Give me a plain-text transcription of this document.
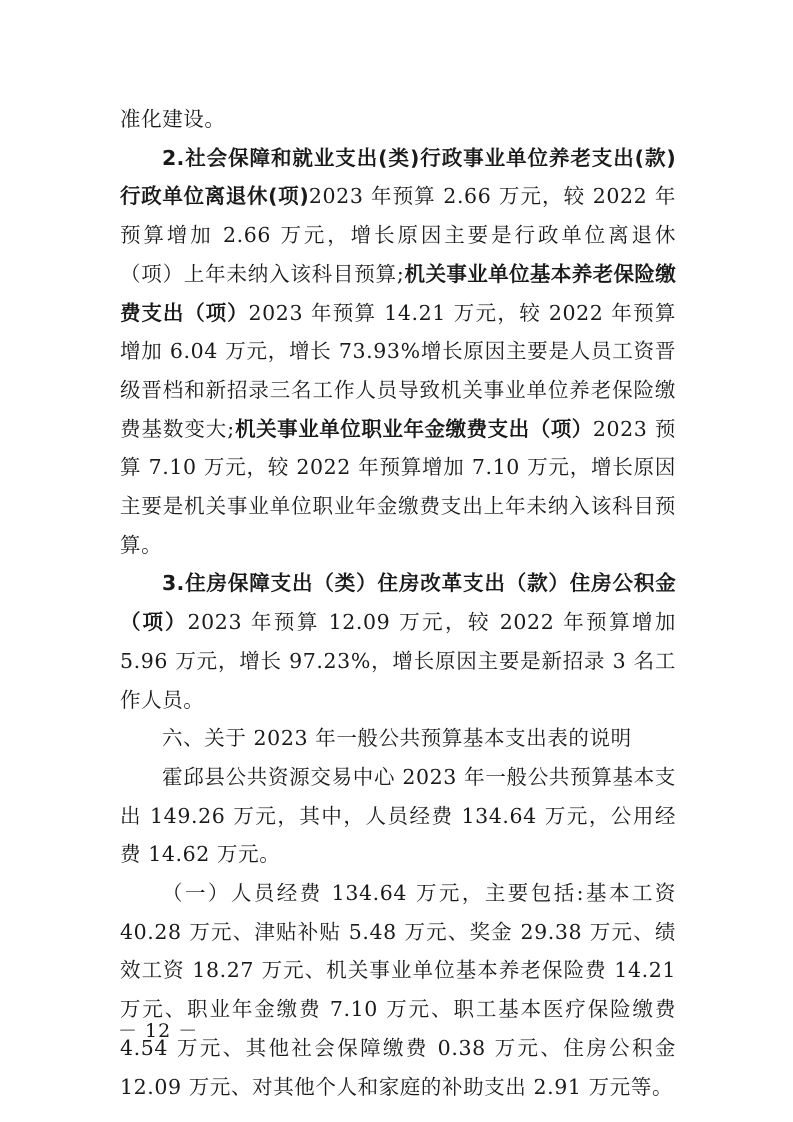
准化建设。

2.社会保障和就业支出(类)行政事业单位养老支出(款)行政单位离退休(项)2023 年预算 2.66 万元，较 2022 年预算增加 2.66 万元，增长原因主要是行政单位离退休（项）上年未纳入该科目预算;机关事业单位基本养老保险缴费支出（项）2023 年预算 14.21 万元，较 2022 年预算增加 6.04 万元，增长 73.93%增长原因主要是人员工资晋级晋档和新招录三名工作人员导致机关事业单位养老保险缴费基数变大;机关事业单位职业年金缴费支出（项）2023 预算 7.10 万元，较 2022 年预算增加 7.10 万元，增长原因主要是机关事业单位职业年金缴费支出上年未纳入该科目预算。

3.住房保障支出（类）住房改革支出（款）住房公积金（项）2023 年预算 12.09 万元，较 2022 年预算增加 5.96 万元，增长 97.23%，增长原因主要是新招录 3 名工作人员。

六、关于 2023 年一般公共预算基本支出表的说明

霍邱县公共资源交易中心 2023 年一般公共预算基本支出 149.26 万元，其中，人员经费 134.64 万元，公用经费 14.62 万元。

（一）人员经费 134.64 万元，主要包括:基本工资 40.28 万元、津贴补贴 5.48 万元、奖金 29.38 万元、绩效工资 18.27 万元、机关事业单位基本养老保险费 14.21 万元、职业年金缴费 7.10 万元、职工基本医疗保险缴费 4.54 万元、其他社会保障缴费 0.38 万元、住房公积金 12.09 万元、对其他个人和家庭的补助支出 2.91 万元等。

－ 12 －
